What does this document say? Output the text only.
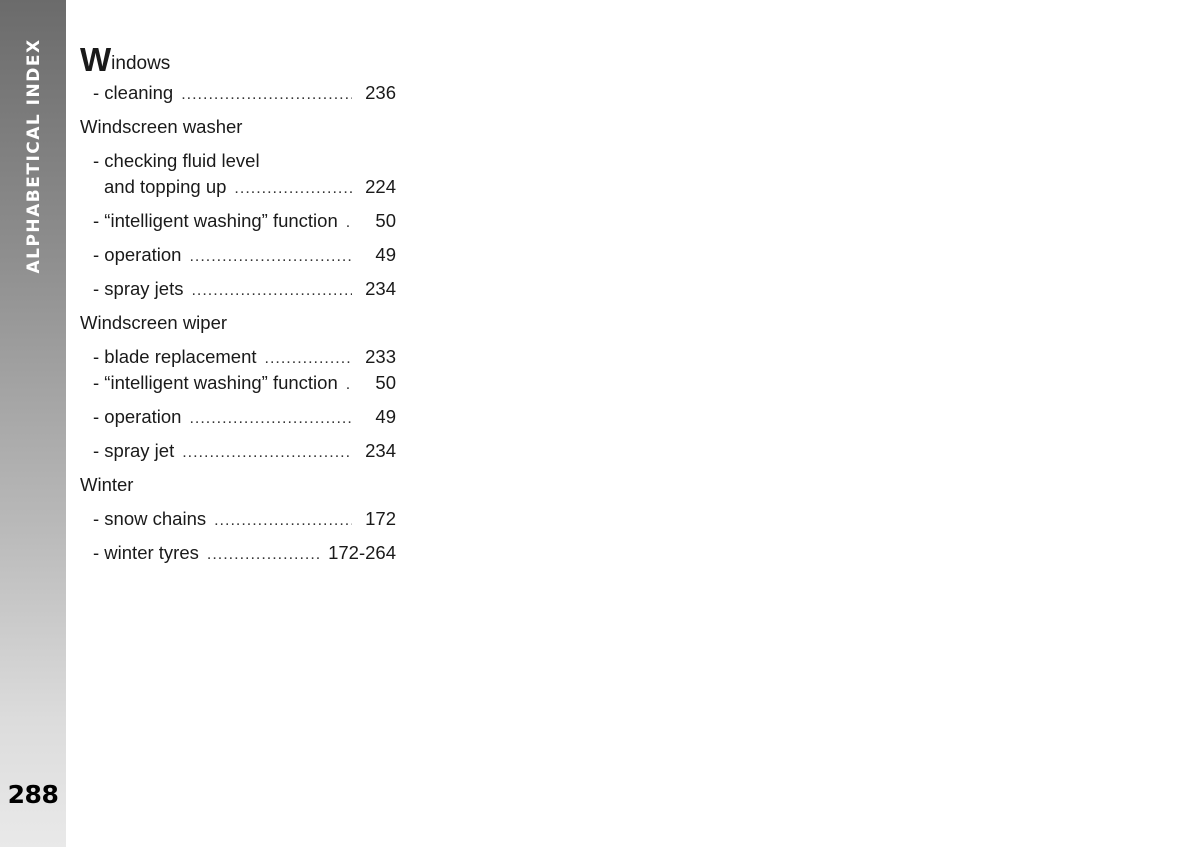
ALPHABETICAL INDEX
288
Windows
- cleaning .....	236
Windscreen washer
- checking fluid level
and topping up .....	224
- “intelligent washing” function .....	50
- operation .....	49
- spray jets .....	234
Windscreen wiper
- blade replacement .....	233
- “intelligent washing” function .....	50
- operation .....	49
- spray jet .....	234
Winter
- snow chains .....	172
- winter tyres .....	172-264
